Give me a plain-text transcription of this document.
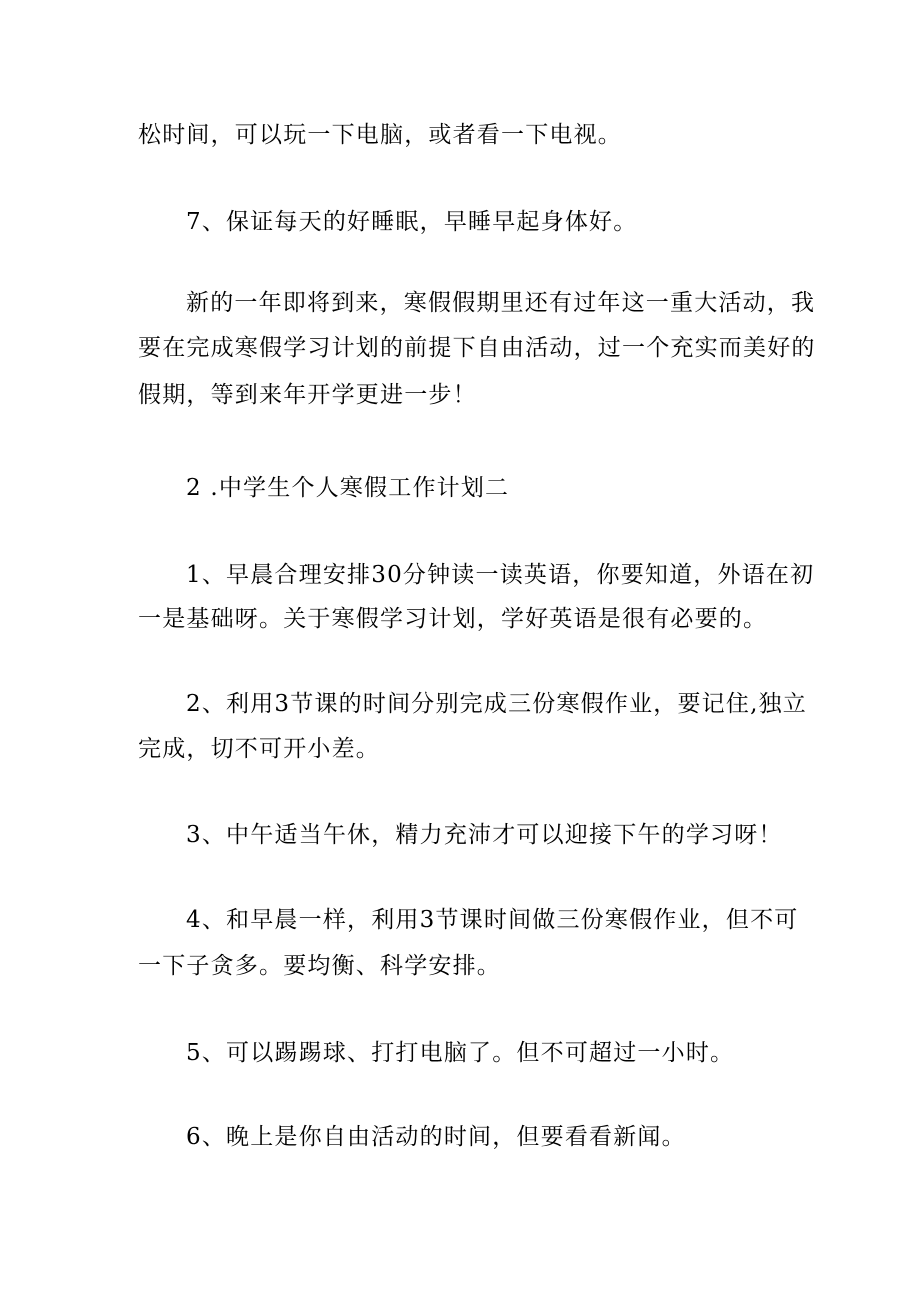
松时间，可以玩一下电脑，或者看一下电视。

7、保证每天的好睡眠，早睡早起身体好。

新的一年即将到来，寒假假期里还有过年这一重大活动，我

要在完成寒假学习计划的前提下自由活动，过一个充实而美好的

假期，等到来年开学更进一步！

2 .中学生个人寒假工作计划二

1、早晨合理安排30分钟读一读英语，你要知道，外语在初

一是基础呀。关于寒假学习计划，学好英语是很有必要的。

2、利用3节课的时间分别完成三份寒假作业，要记住,独立

完成，切不可开小差。

3、中午适当午休，精力充沛才可以迎接下午的学习呀！

4、和早晨一样，利用3节课时间做三份寒假作业，但不可

一下子贪多。要均衡、科学安排。

5、可以踢踢球、打打电脑了。但不可超过一小时。

6、晚上是你自由活动的时间，但要看看新闻。
